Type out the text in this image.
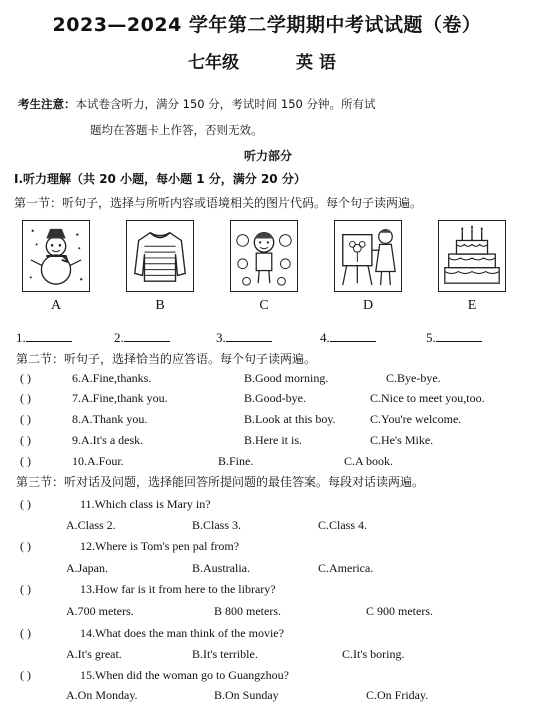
2023—2024 学年第二学期期中考试试题（卷）
七年级	英 语
考生注意：本试卷含听力，满分 150 分，考试时间 150 分钟。所有试
题均在答题卡上作答，否则无效。
听力部分
Ⅰ.听力理解（共 20 小题，每小题 1 分，满分 20 分）
第一节：听句子，选择与所听内容或语境相关的图片代码。每个句子读两遍。
A	B	C	D	E
1.	2.	3.	4.	5.
第二节：听句子，选择恰当的应答语。每个句子读两遍。
( )	6.A.Fine,thanks.	B.Good morning.	C.Bye-bye.
( )	7.A.Fine,thank you.	B.Good-bye.	C.Nice to meet you,too.
( )	8.A.Thank you.	B.Look at this boy.	C.You're welcome.
( )	9.A.It's a desk.	B.Here it is.	C.He's Mike.
( )	10.A.Four.	B.Fine.	C.A book.
第三节：听对话及问题，选择能回答所提问题的最佳答案。每段对话读两遍。
( )	11.Which class is Mary in?
A.Class 2.	B.Class 3.	C.Class 4.
( )	12.Where is Tom's pen pal from?
A.Japan.	B.Australia.	C.America.
( )	13.How far is it from here to the library?
A.700 meters.	B 800 meters.	C 900 meters.
( )	14.What does the man think of the movie?
A.It's great.	B.It's terrible.	C.It's boring.
( )	15.When did the woman go to Guangzhou?
A.On Monday.	B.On Sunday	C.On Friday.
